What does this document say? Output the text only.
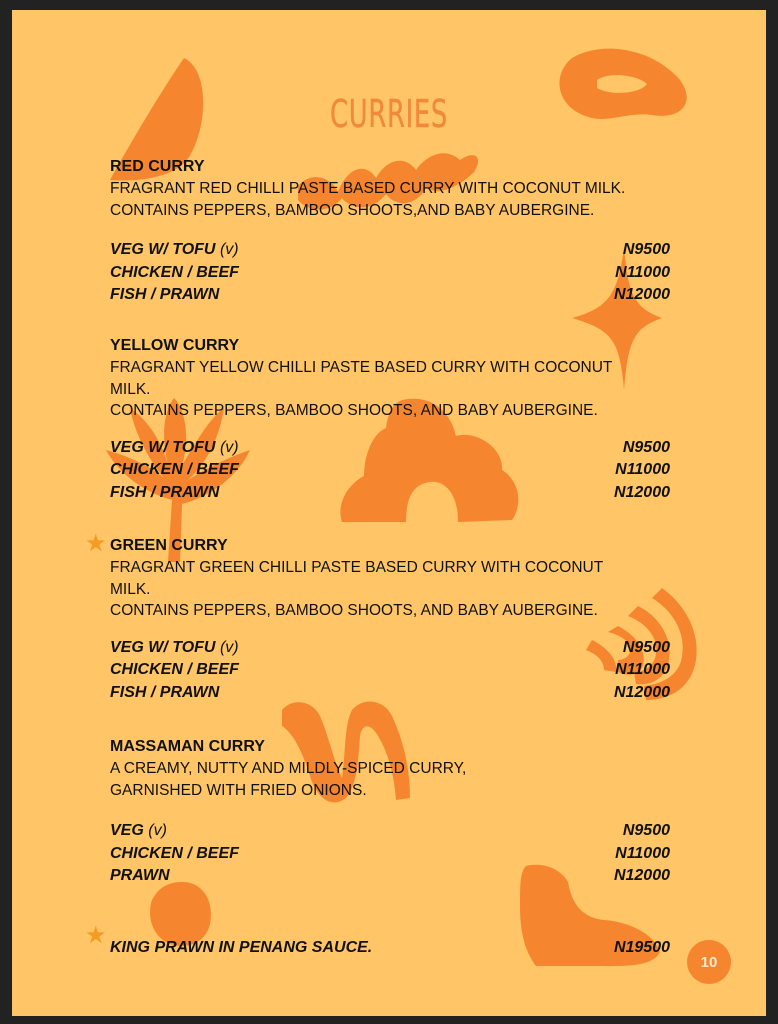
CURRIES
RED CURRY
FRAGRANT RED CHILLI PASTE BASED CURRY WITH COCONUT MILK.
CONTAINS PEPPERS, BAMBOO SHOOTS,AND BABY AUBERGINE.
VEG W/ TOFU (v)	N9500
CHICKEN / BEEF	N11000
FISH / PRAWN	N12000
YELLOW CURRY
FRAGRANT YELLOW CHILLI PASTE BASED CURRY WITH COCONUT
MILK.
CONTAINS PEPPERS, BAMBOO SHOOTS, AND BABY AUBERGINE.
VEG W/ TOFU (v)	N9500
CHICKEN / BEEF	N11000
FISH / PRAWN	N12000
★ GREEN CURRY
FRAGRANT GREEN CHILLI PASTE BASED CURRY WITH COCONUT
MILK.
CONTAINS PEPPERS, BAMBOO SHOOTS, AND BABY AUBERGINE.
VEG W/ TOFU (v)	N9500
CHICKEN / BEEF	N11000
FISH / PRAWN	N12000
MASSAMAN CURRY
A CREAMY, NUTTY AND MILDLY-SPICED CURRY,
GARNISHED WITH FRIED ONIONS.
VEG (v)	N9500
CHICKEN / BEEF	N11000
PRAWN	N12000
★ KING PRAWN IN PENANG SAUCE.	N19500
10
